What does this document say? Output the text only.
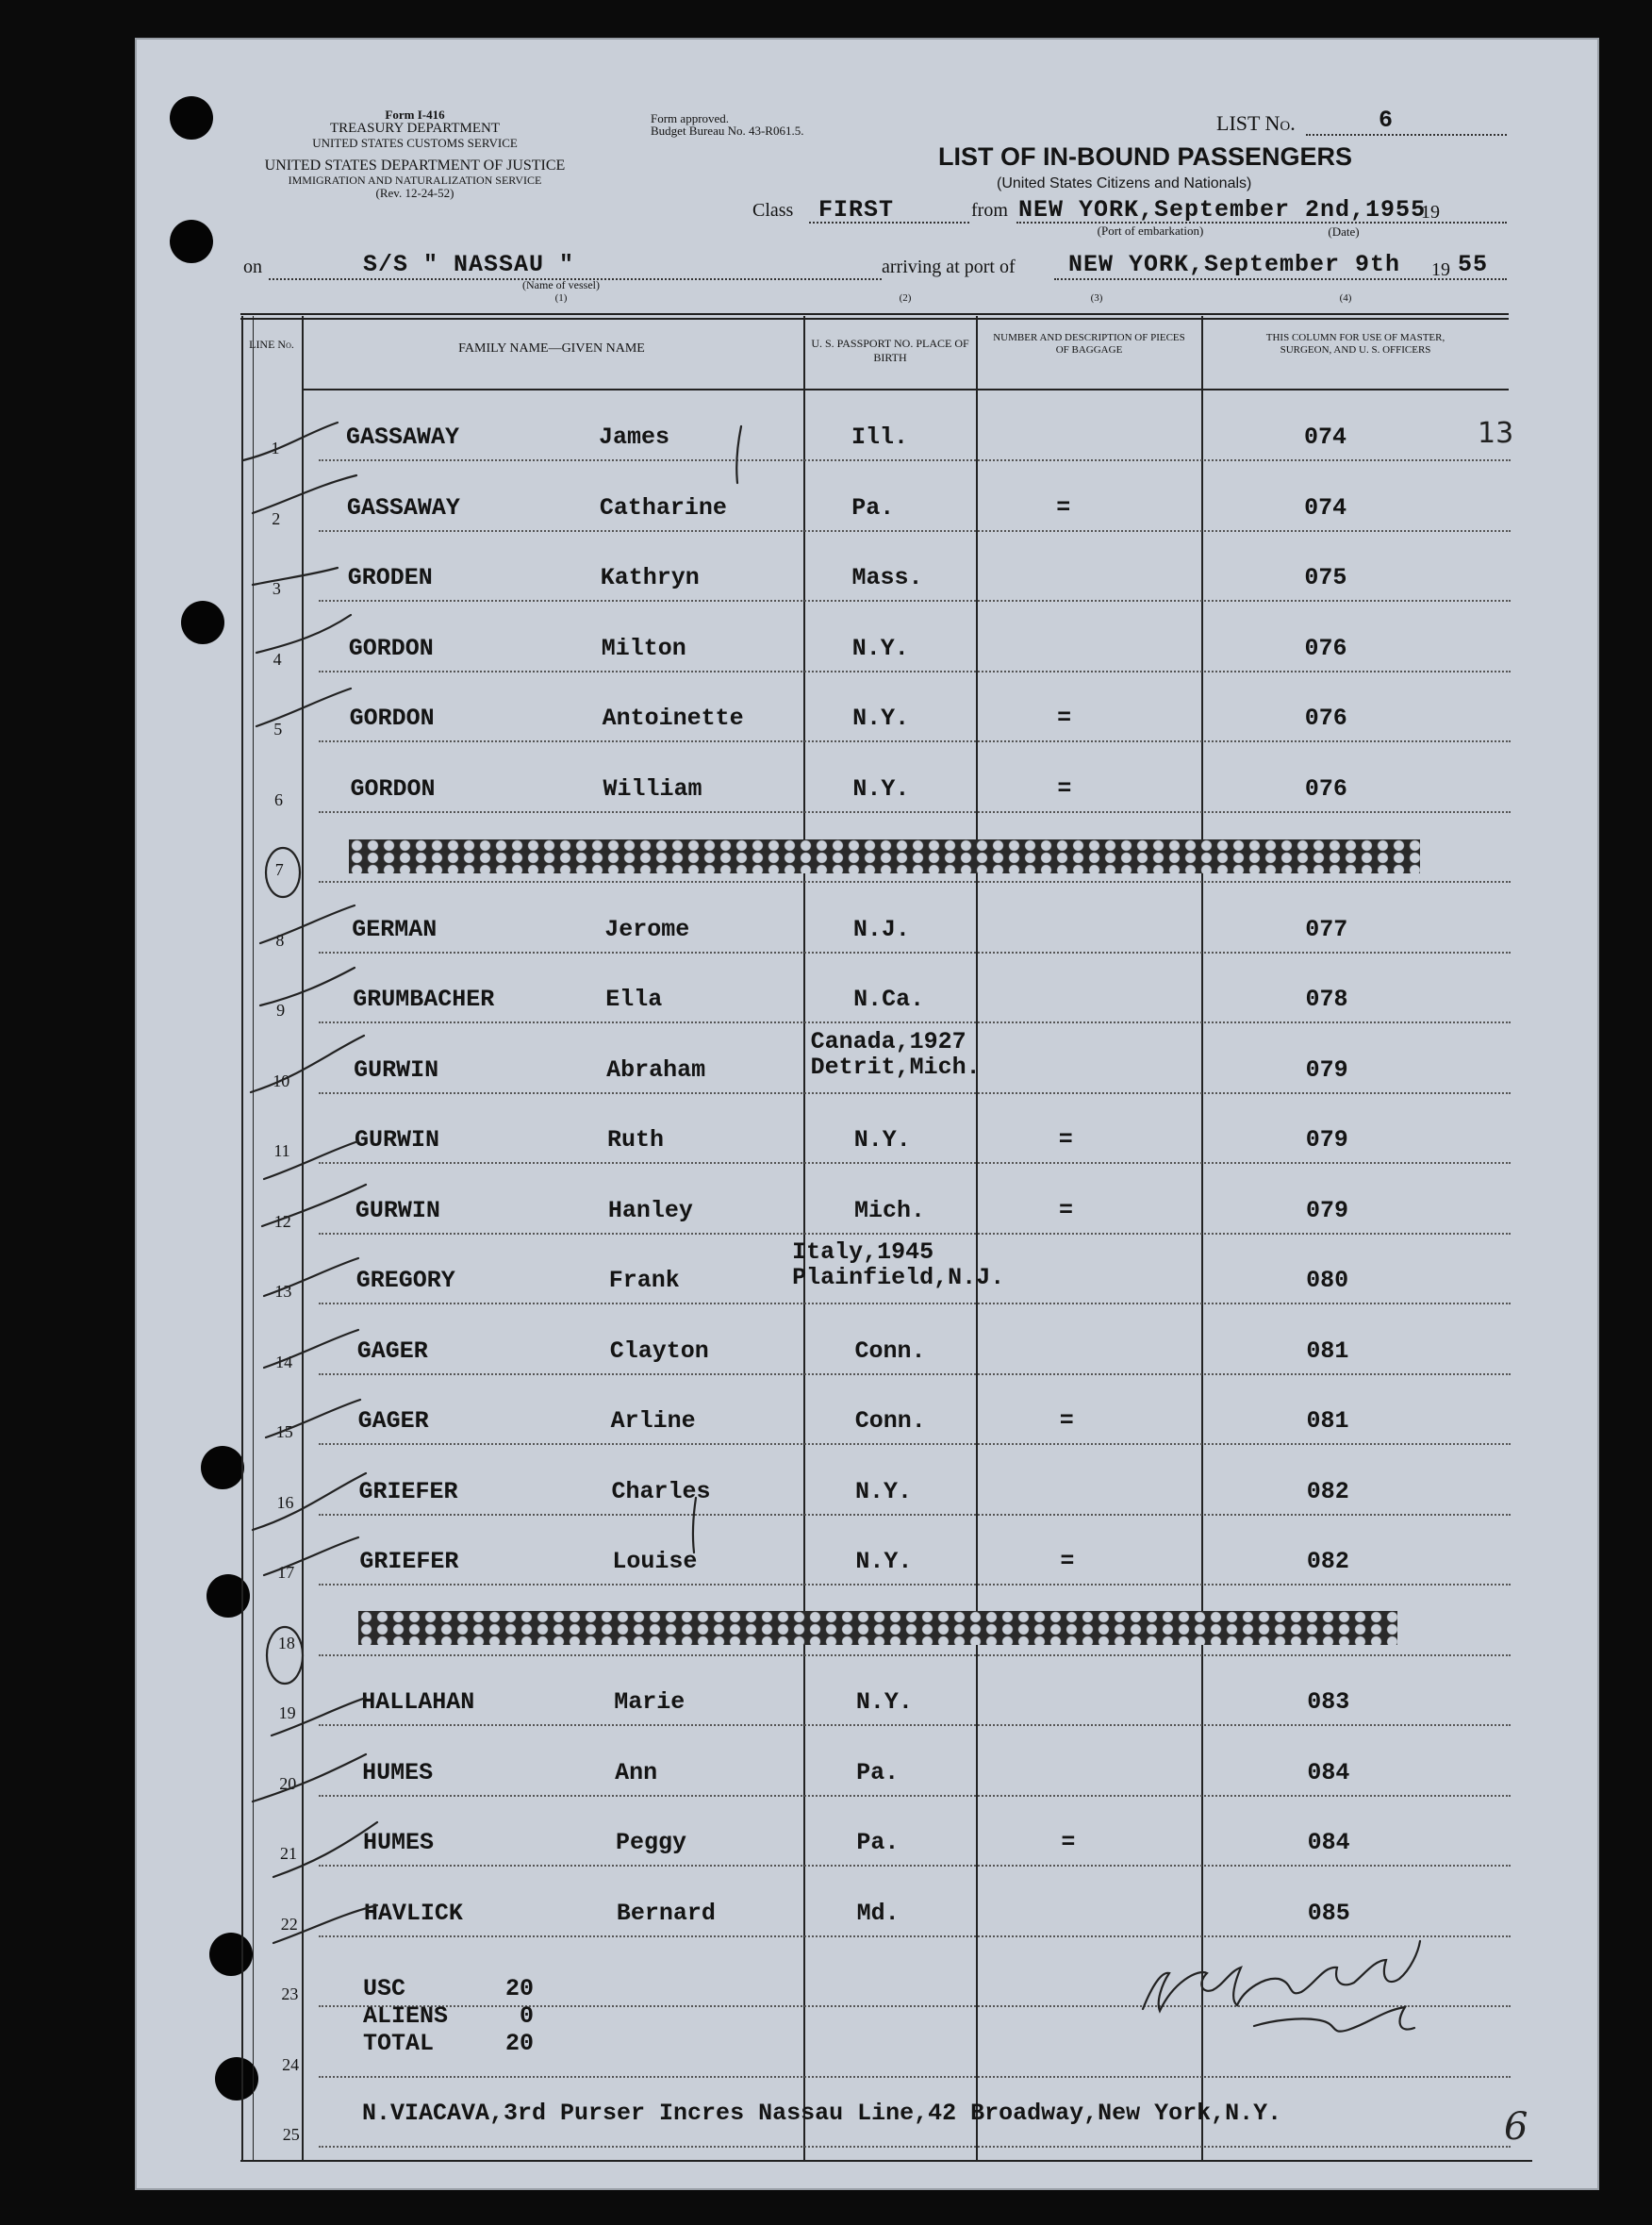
Form I-416
TREASURY DEPARTMENT
UNITED STATES CUSTOMS SERVICE
UNITED STATES DEPARTMENT OF JUSTICE
IMMIGRATION AND NATURALIZATION SERVICE
(Rev. 12-24-52)
Form approved.
Budget Bureau No. 43-R061.5.	LIST No.	6
LIST OF IN-BOUND PASSENGERS
(United States Citizens and Nationals)
Class FIRST	from NEW YORK,September 2nd,1955
19
(Port of embarkation)	(Date)
on	S/S " NASSAU "
(Name of vessel)
(1)
arriving at port of NEW YORK,September 9th 19 55
(2)	(3)	(4)
LINE No.	FAMILY NAME—GIVEN NAME	U. S. PASSPORT NO. PLACE OF BIRTH
NUMBER AND DESCRIPTION OF PIECES OF BAGGAGE
THIS COLUMN FOR USE OF MASTER, SURGEON, AND U. S. OFFICERS
1	GASSAWAY	James	Ill.	074
2	GASSAWAY	Catharine	Pa.	=	074
3	GRODEN	Kathryn	Mass.	075
4	GORDON	Milton	N.Y.	076
5	GORDON	Antoinette	N.Y.	=	076
6	GORDON	William	N.Y.	=	076
7
8	GERMAN	Jerome	N.J.	077
9	GRUMBACHER	Ella	N.Ca.	078
10	GURWIN	Abraham
Canada,1927
Detrit,Mich.	079
11	GURWIN	Ruth	N.Y.	=	079
12	GURWIN	Hanley	Mich.	=	079
13	GREGORY	Frank
Italy,1945
Plainfield,N.J.	080
14	GAGER	Clayton	Conn.	081
15	GAGER	Arline	Conn.	=	081
16	GRIEFER	Charles	N.Y.	082
17	GRIEFER	Louise	N.Y.	=	082
18
19	HALLAHAN	Marie	N.Y.	083
20	HUMES	Ann	Pa.	084
21	HUMES	Peggy	Pa.	=	084
22	HAVLICK	Bernard	Md.	085
23
24
25
USC	20
ALIENS	0
TOTAL	20
N.VIACAVA,3rd Purser Incres Nassau Line,42 Broadway,New York,N.Y.
13
6
